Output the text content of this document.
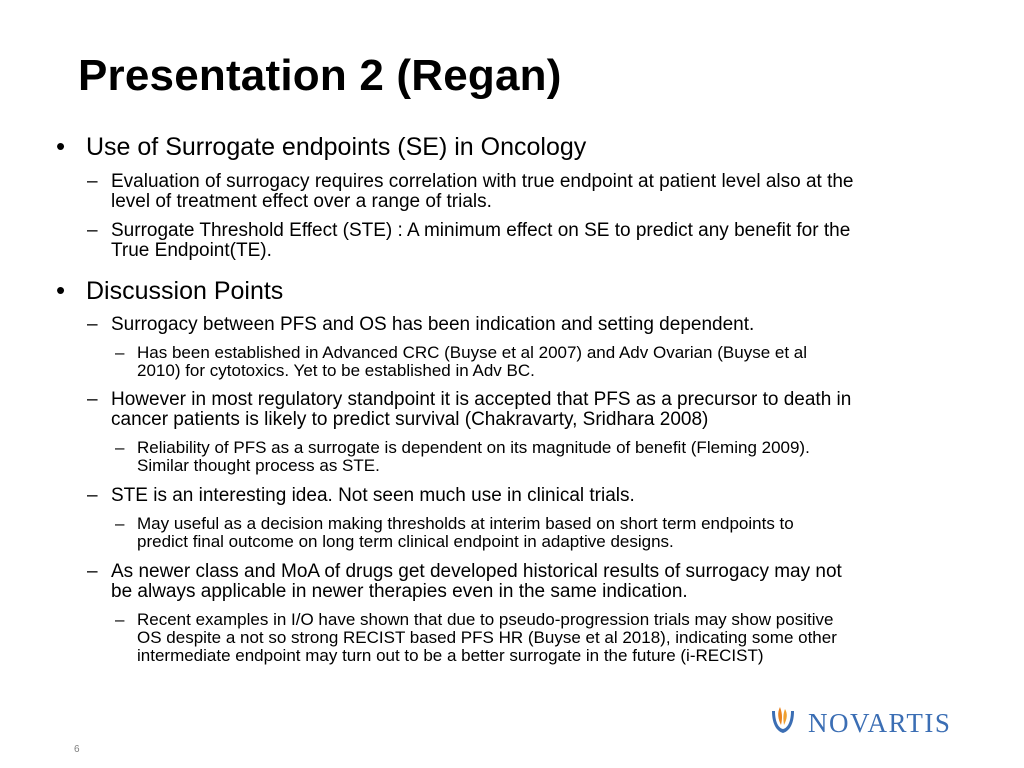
Presentation 2 (Regan)
• Use of Surrogate endpoints (SE) in Oncology
– Evaluation of surrogacy requires correlation with true endpoint at patient level also at the
level of treatment effect over a range of trials.
– Surrogate Threshold Effect (STE) : A minimum effect on SE to predict any benefit for the
True Endpoint(TE).
• Discussion Points
– Surrogacy between PFS and OS has been indication and setting dependent.
– Has been established in Advanced CRC (Buyse et al 2007) and Adv Ovarian (Buyse et al
2010) for cytotoxics. Yet to be established in Adv BC.
– However in most regulatory standpoint it is accepted that PFS as a precursor to death in
cancer patients is likely to predict survival (Chakravarty, Sridhara 2008)
– Reliability of PFS as a surrogate is dependent on its magnitude of benefit (Fleming 2009).
Similar thought process as STE.
– STE is an interesting idea. Not seen much use in clinical trials.
– May useful as a decision making thresholds at interim based on short term endpoints to
predict final outcome on long term clinical endpoint in adaptive designs.
– As newer class and MoA of drugs get developed historical results of surrogacy may not
be always applicable in newer therapies even in the same indication.
– Recent examples in I/O have shown that due to pseudo-progression trials may show positive
OS despite a not so strong RECIST based PFS HR (Buyse et al 2018), indicating some other
intermediate endpoint may turn out to be a better surrogate in the future (i-RECIST)
6
NOVARTIS
